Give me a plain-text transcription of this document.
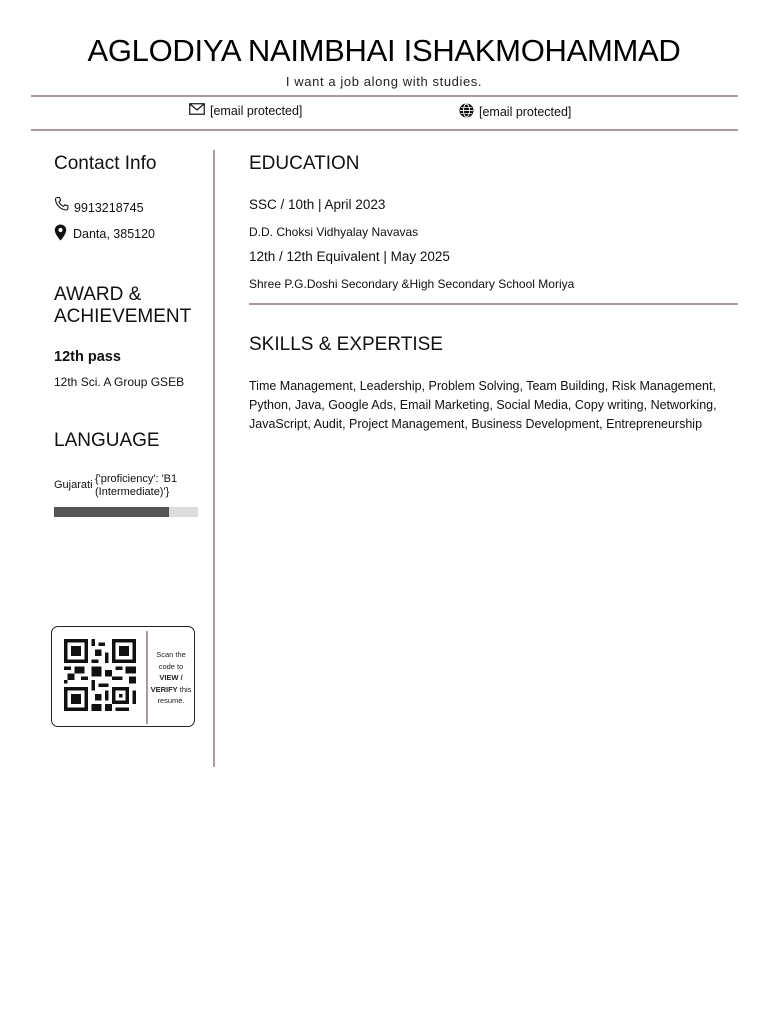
AGLODIYA NAIMBHAI ISHAKMOHAMMAD
I want a job along with studies.
[email protected]	[email protected]
Contact Info
9913218745
Danta, 385120
AWARD & ACHIEVEMENT
12th pass
12th Sci. A Group GSEB
LANGUAGE
Gujarati {'proficiency': 'B1 (Intermediate)'}
Scan the code to VIEW / VERIFY this resume.
EDUCATION
SSC / 10th | April 2023
D.D. Choksi Vidhyalay Navavas
12th / 12th Equivalent | May 2025
Shree P.G.Doshi Secondary &High Secondary School Moriya
SKILLS & EXPERTISE
Time Management, Leadership, Problem Solving, Team Building, Risk Management, Python, Java, Google Ads, Email Marketing, Social Media, Copy writing, Networking, JavaScript, Audit, Project Management, Business Development, Entrepreneurship
